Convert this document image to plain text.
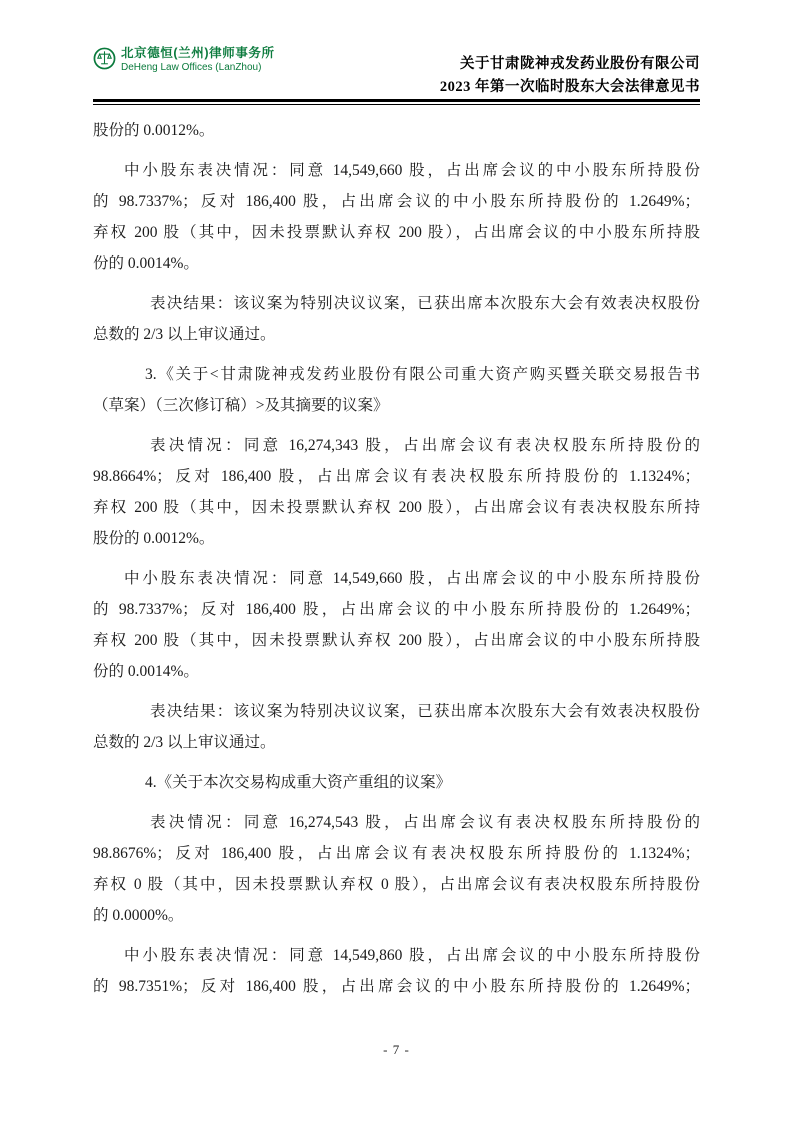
北京德恒(兰州)律师事务所
DeHeng Law Offices (LanZhou)	关于甘肃陇神戎发药业股份有限公司
2023 年第一次临时股东大会法律意见书
股份的 0.0012%。
中小股东表决情况：同意 14,549,660 股，占出席会议的中小股东所持股份
的 98.7337%；反对 186,400 股，占出席会议的中小股东所持股份的 1.2649%；
弃权 200 股（其中，因未投票默认弃权 200 股），占出席会议的中小股东所持股
份的 0.0014%。
表决结果：该议案为特别决议议案，已获出席本次股东大会有效表决权股份
总数的 2/3 以上审议通过。
3.《关于<甘肃陇神戎发药业股份有限公司重大资产购买暨关联交易报告书
（草案）（三次修订稿）>及其摘要的议案》
表决情况：同意 16,274,343 股，占出席会议有表决权股东所持股份的
98.8664%；反对 186,400 股，占出席会议有表决权股东所持股份的 1.1324%；
弃权 200 股（其中，因未投票默认弃权 200 股），占出席会议有表决权股东所持
股份的 0.0012%。
中小股东表决情况：同意 14,549,660 股，占出席会议的中小股东所持股份
的 98.7337%；反对 186,400 股，占出席会议的中小股东所持股份的 1.2649%；
弃权 200 股（其中，因未投票默认弃权 200 股），占出席会议的中小股东所持股
份的 0.0014%。
表决结果：该议案为特别决议议案，已获出席本次股东大会有效表决权股份
总数的 2/3 以上审议通过。
4.《关于本次交易构成重大资产重组的议案》
表决情况：同意 16,274,543 股，占出席会议有表决权股东所持股份的
98.8676%；反对 186,400 股，占出席会议有表决权股东所持股份的 1.1324%；
弃权 0 股（其中，因未投票默认弃权 0 股），占出席会议有表决权股东所持股份
的 0.0000%。
中小股东表决情况：同意 14,549,860 股，占出席会议的中小股东所持股份
的 98.7351%；反对 186,400 股，占出席会议的中小股东所持股份的 1.2649%；
- 7 -
